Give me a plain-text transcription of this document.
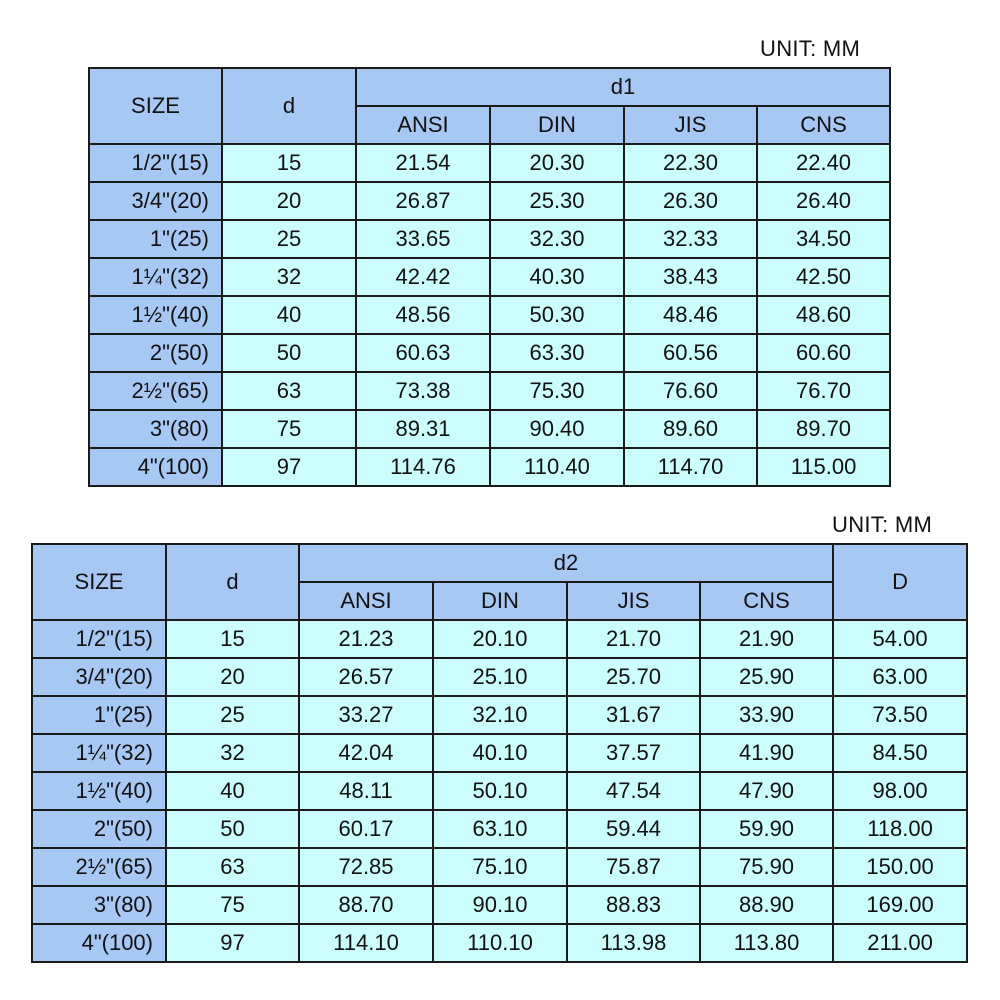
UNIT: MM
SIZE	d	d1			
		ANSI	DIN	JIS	CNS
1/2"(15)	15	21.54	20.30	22.30	22.40
3/4"(20)	20	26.87	25.30	26.30	26.40
1"(25)	25	33.65	32.30	32.33	34.50
1¼"(32)	32	42.42	40.30	38.43	42.50
1½"(40)	40	48.56	50.30	48.46	48.60
2"(50)	50	60.63	63.30	60.56	60.60
2½"(65)	63	73.38	75.30	76.60	76.70
3"(80)	75	89.31	90.40	89.60	89.70
4"(100)	97	114.76	110.40	114.70	115.00
UNIT: MM
SIZE	d	d2				D
		ANSI	DIN	JIS	CNS	
1/2"(15)	15	21.23	20.10	21.70	21.90	54.00
3/4"(20)	20	26.57	25.10	25.70	25.90	63.00
1"(25)	25	33.27	32.10	31.67	33.90	73.50
1¼"(32)	32	42.04	40.10	37.57	41.90	84.50
1½"(40)	40	48.11	50.10	47.54	47.90	98.00
2"(50)	50	60.17	63.10	59.44	59.90	118.00
2½"(65)	63	72.85	75.10	75.87	75.90	150.00
3"(80)	75	88.70	90.10	88.83	88.90	169.00
4"(100)	97	114.10	110.10	113.98	113.80	211.00
